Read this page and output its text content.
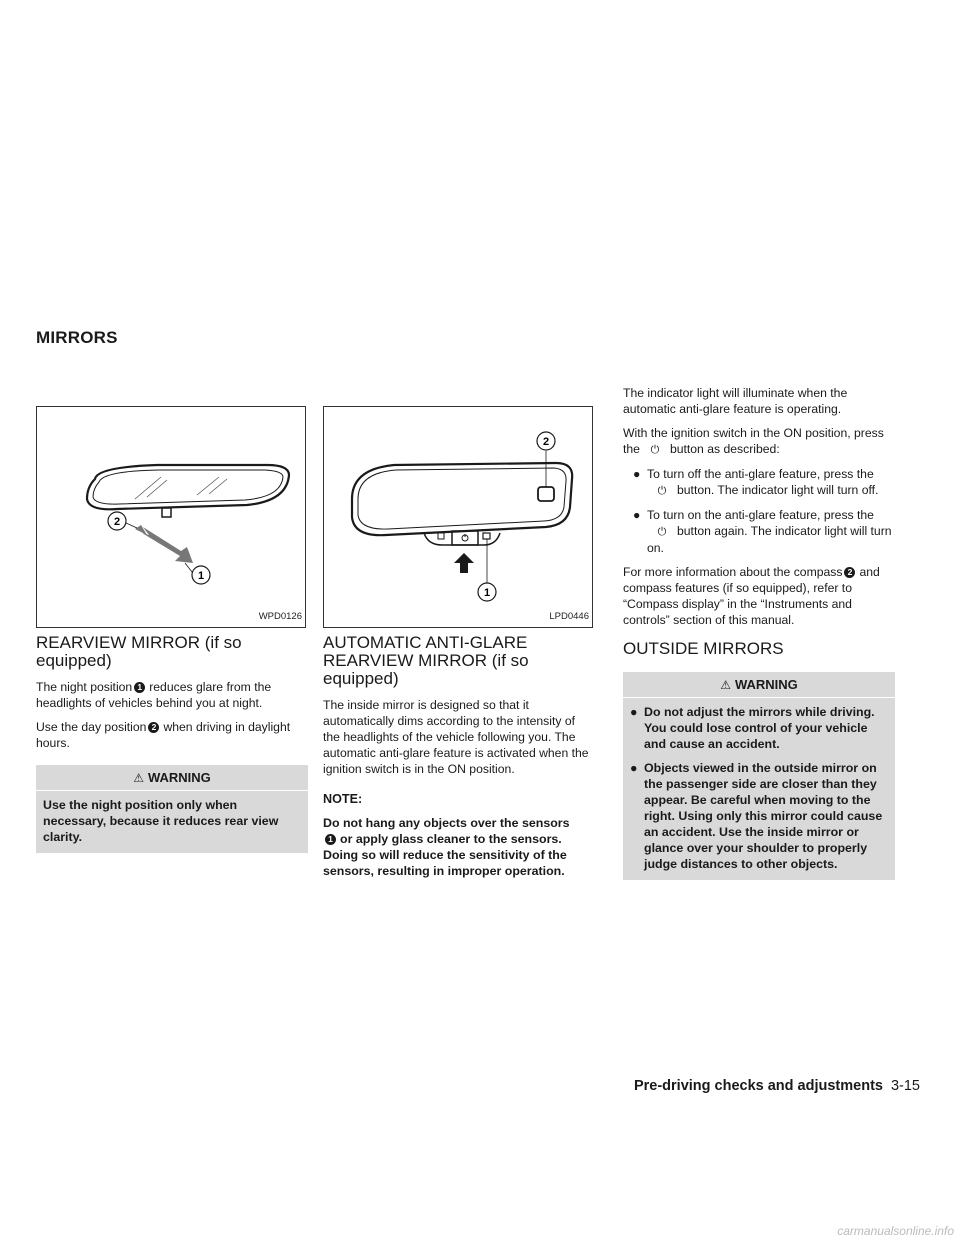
MIRRORS
2
1
WPD0126
REARVIEW MIRROR (if so equipped)

The night position 1 reduces glare from the headlights of vehicles behind you at night.

Use the day position 2 when driving in daylight hours.

⚠ WARNING
Use the night position only when necessary, because it reduces rear view clarity.
2
1
LPD0446
AUTOMATIC ANTI-GLARE
REARVIEW MIRROR (if so equipped)

The inside mirror is designed so that it automatically dims according to the intensity of the headlights of the vehicle following you. The automatic anti-glare feature is activated when the ignition switch is in the ON position.

NOTE:
Do not hang any objects over the sensors
1 or apply glass cleaner to the sensors. Doing so will reduce the sensitivity of the sensors, resulting in improper operation.

The indicator light will illuminate when the automatic anti-glare feature is operating.

With the ignition switch in the ON position, press the ⏻ button as described:

● To turn off the anti-glare feature, press the⏻ button. The indicator light will turn off.
● To turn on the anti-glare feature, press the⏻ button again. The indicator light will turn on.

For more information about the compass 2 and compass features (if so equipped), refer to “Compass display” in the “Instruments and controls” section of this manual.

OUTSIDE MIRRORS
⚠ WARNING
● Do not adjust the mirrors while driving. You could lose control of your vehicle and cause an accident.
● Objects viewed in the outside mirror on the passenger side are closer than they appear. Be careful when moving to the right. Using only this mirror could cause an accident. Use the inside mirror or glance over your shoulder to properly judge distances to other objects.
Pre-driving checks and adjustments 3-15
carmanualsonline.info
